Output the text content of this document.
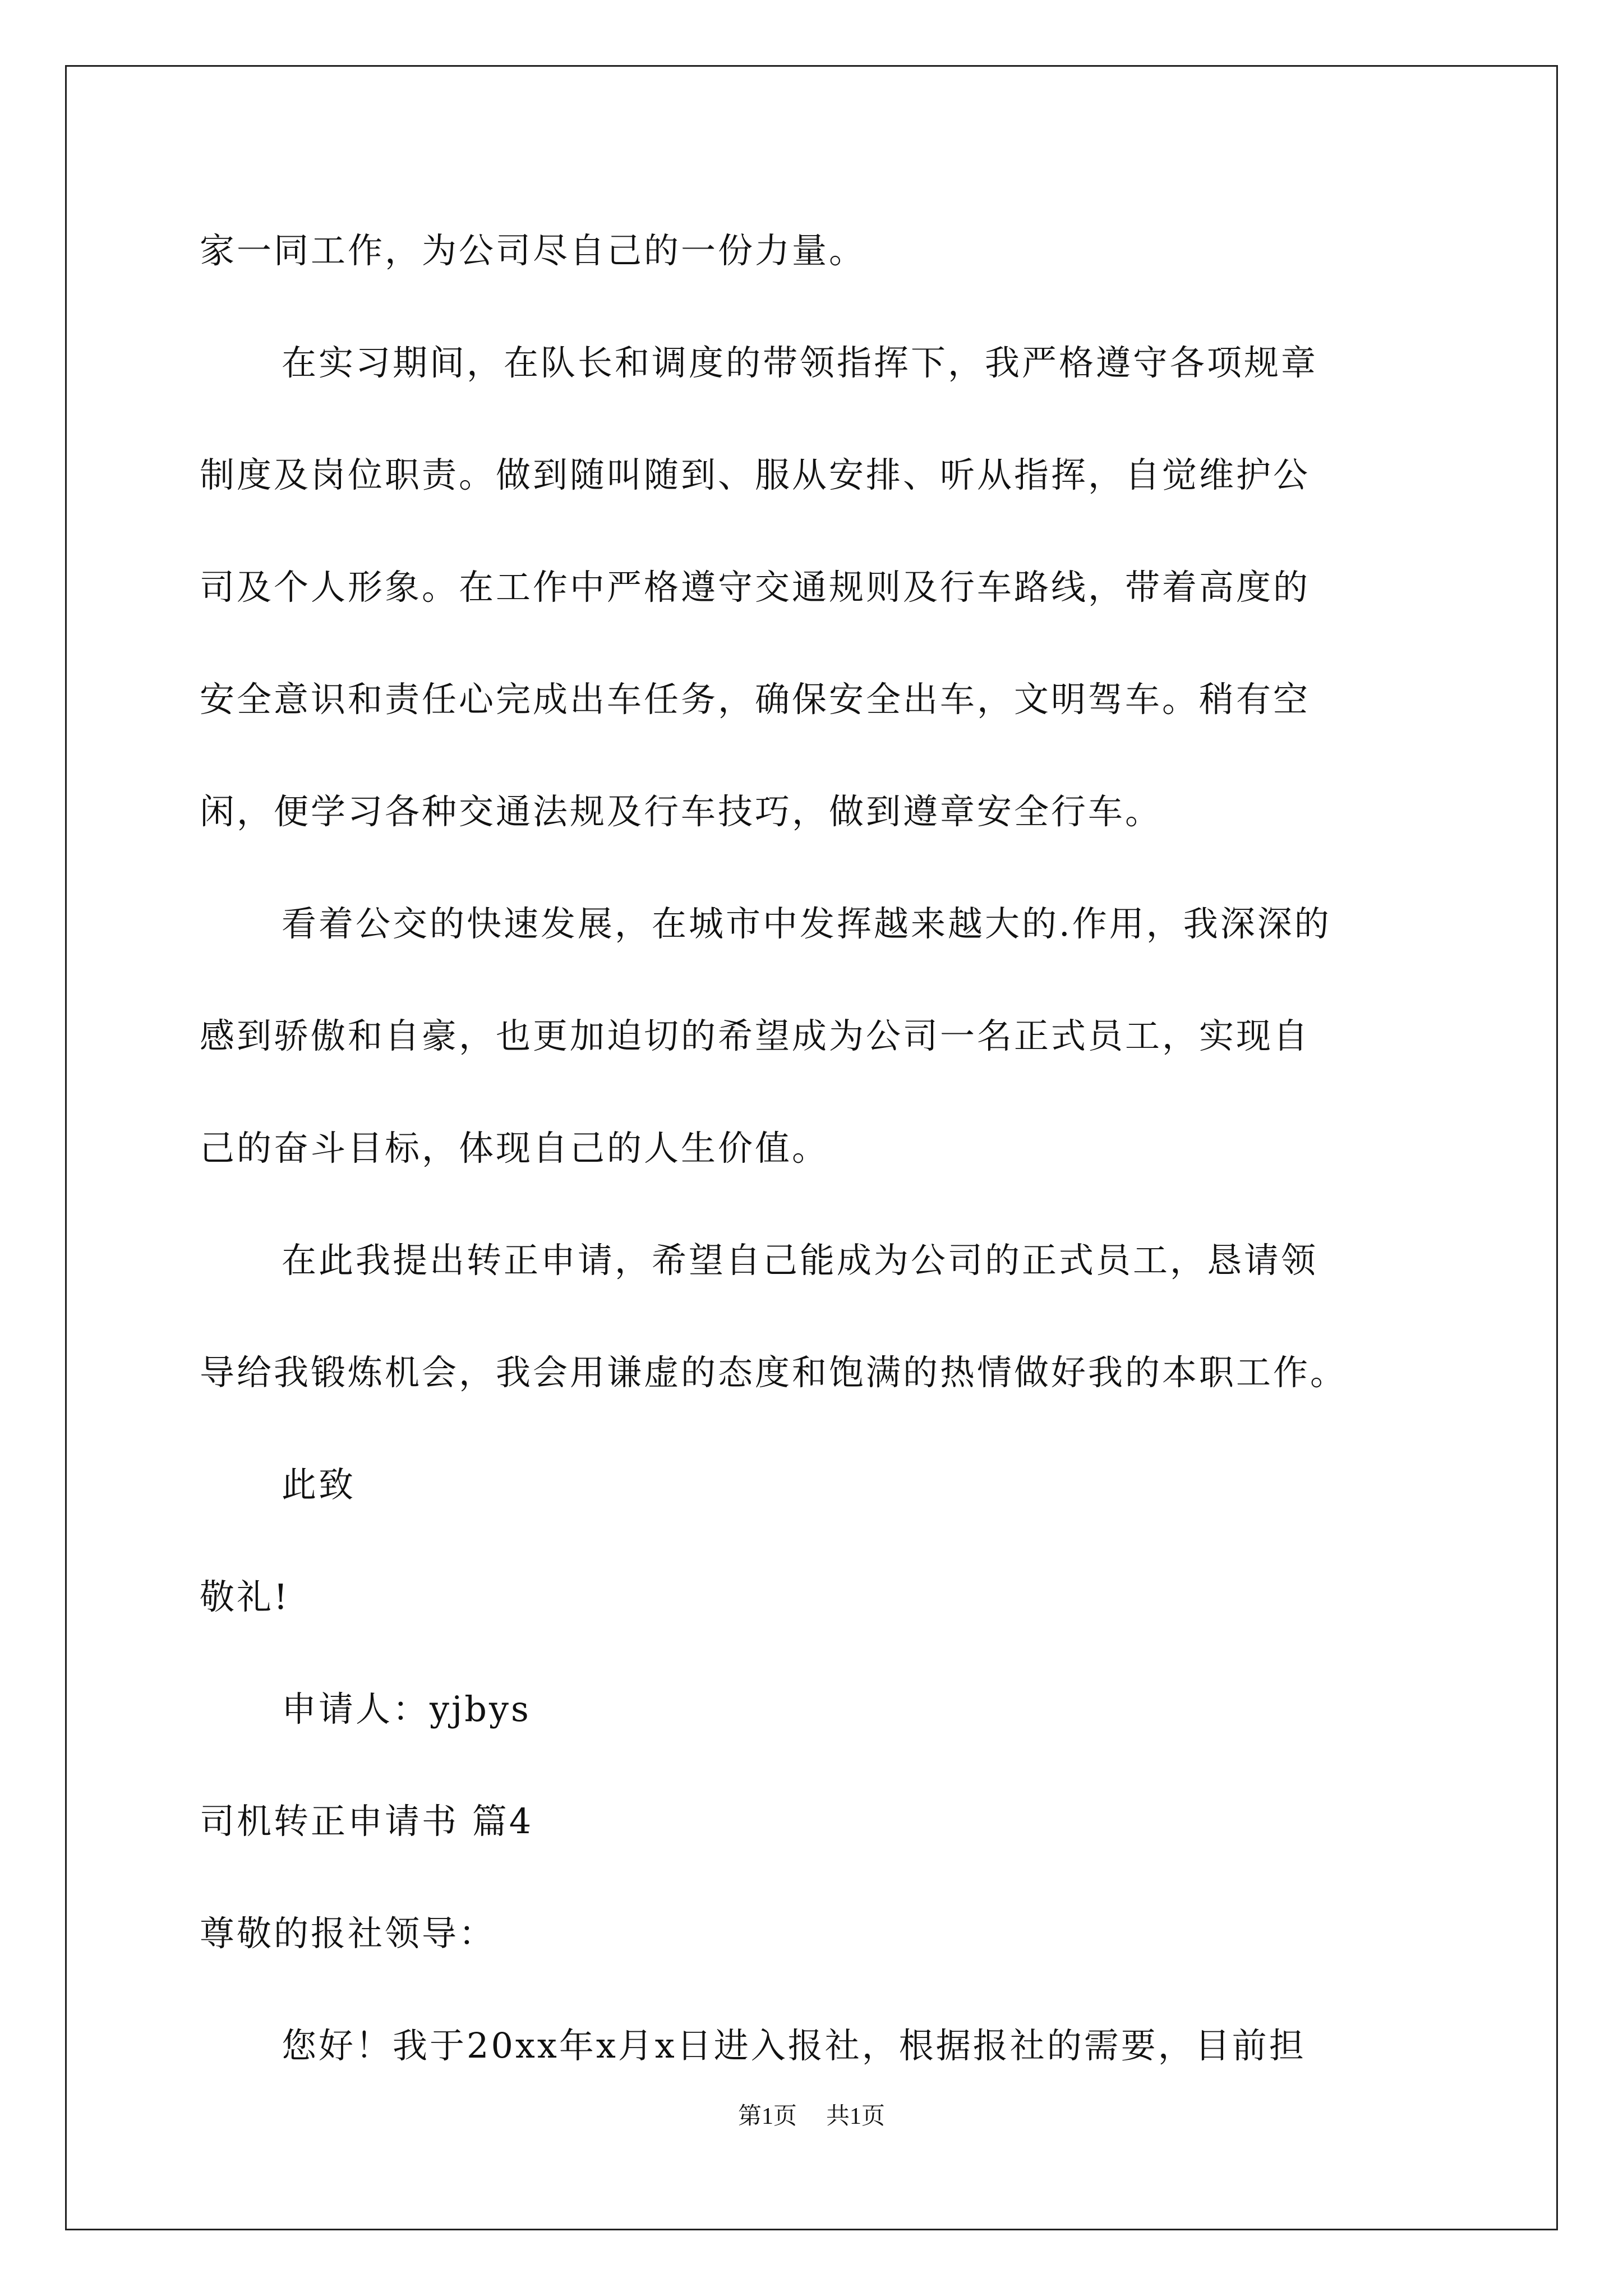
家一同工作，为公司尽自己的一份力量。
在实习期间，在队长和调度的带领指挥下，我严格遵守各项规章
制度及岗位职责。做到随叫随到、服从安排、听从指挥，自觉维护公
司及个人形象。在工作中严格遵守交通规则及行车路线，带着高度的
安全意识和责任心完成出车任务，确保安全出车，文明驾车。稍有空
闲，便学习各种交通法规及行车技巧，做到遵章安全行车。
看着公交的快速发展，在城市中发挥越来越大的.作用，我深深的
感到骄傲和自豪，也更加迫切的希望成为公司一名正式员工，实现自
己的奋斗目标，体现自己的人生价值。
在此我提出转正申请，希望自己能成为公司的正式员工，恳请领
导给我锻炼机会，我会用谦虚的态度和饱满的热情做好我的本职工作。
此致
敬礼!
申请人：yjbys
司机转正申请书 篇4
尊敬的报社领导：
您好！我于20xx年x月x日进入报社，根据报社的需要，目前担
第1页 共1页
